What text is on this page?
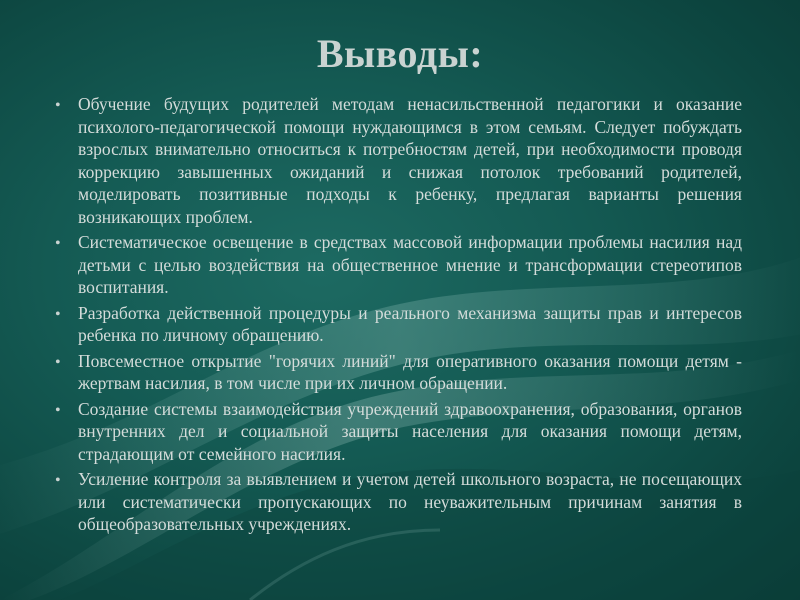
Выводы:
• Обучение будущих родителей методам ненасильственной педагогики и оказание психолого-педагогической помощи нуждающимся в этом семьям. Следует побуждать взрослых внимательно относиться к потребностям детей, при необходимости проводя коррекцию завышенных ожиданий и снижая потолок требований родителей, моделировать позитивные подходы к ребенку, предлагая варианты решения возникающих проблем.
• Систематическое освещение в средствах массовой информации проблемы насилия над детьми с целью воздействия на общественное мнение и трансформации стереотипов воспитания.
• Разработка действенной процедуры и реального механизма защиты прав и интересов ребенка по личному обращению.
• Повсеместное открытие "горячих линий" для оперативного оказания помощи детям - жертвам насилия, в том числе при их личном обращении.
• Создание системы взаимодействия учреждений здравоохранения, образования, органов внутренних дел и социальной защиты населения для оказания помощи детям, страдающим от семейного насилия.
• Усиление контроля за выявлением и учетом детей школьного возраста, не посещающих или систематически пропускающих по неуважительным причинам занятия в общеобразовательных учреждениях.
